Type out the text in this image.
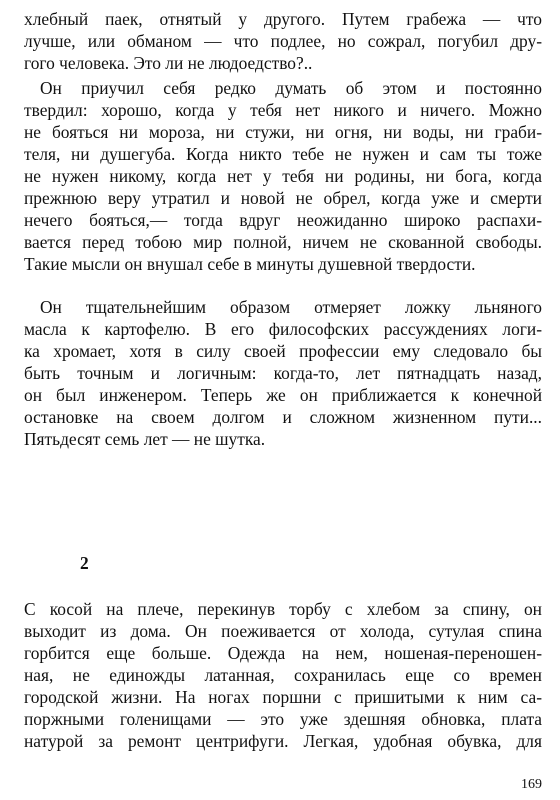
хлебный паек, отнятый у другого. Путем грабежа — что
лучше, или обманом — что подлее, но сожрал, погубил дру-
гого человека. Это ли не людоедство?..
Он приучил себя редко думать об этом и постоянно
твердил: хорошо, когда у тебя нет никого и ничего. Можно
не бояться ни мороза, ни стужи, ни огня, ни воды, ни граби-
теля, ни душегуба. Когда никто тебе не нужен и сам ты тоже
не нужен никому, когда нет у тебя ни родины, ни бога, когда
прежнюю веру утратил и новой не обрел, когда уже и смерти
нечего бояться,— тогда вдруг неожиданно широко распахи-
вается перед тобою мир полной, ничем не скованной свободы.
Такие мысли он внушал себе в минуты душевной твердости.
Он тщательнейшим образом отмеряет ложку льняного
масла к картофелю. В его философских рассуждениях логи-
ка хромает, хотя в силу своей профессии ему следовало бы
быть точным и логичным: когда-то, лет пятнадцать назад,
он был инженером. Теперь же он приближается к конечной
остановке на своем долгом и сложном жизненном пути...
Пятьдесят семь лет — не шутка.
2
С косой на плече, перекинув торбу с хлебом за спину, он
выходит из дома. Он поеживается от холода, сутулая спина
горбится еще больше. Одежда на нем, ношеная-переношен-
ная, не единожды латанная, сохранилась еще со времен
городской жизни. На ногах поршни с пришитыми к ним са-
поржными голенищами — это уже здешняя обновка, плата
натурой за ремонт центрифуги. Легкая, удобная обувка, для
169
